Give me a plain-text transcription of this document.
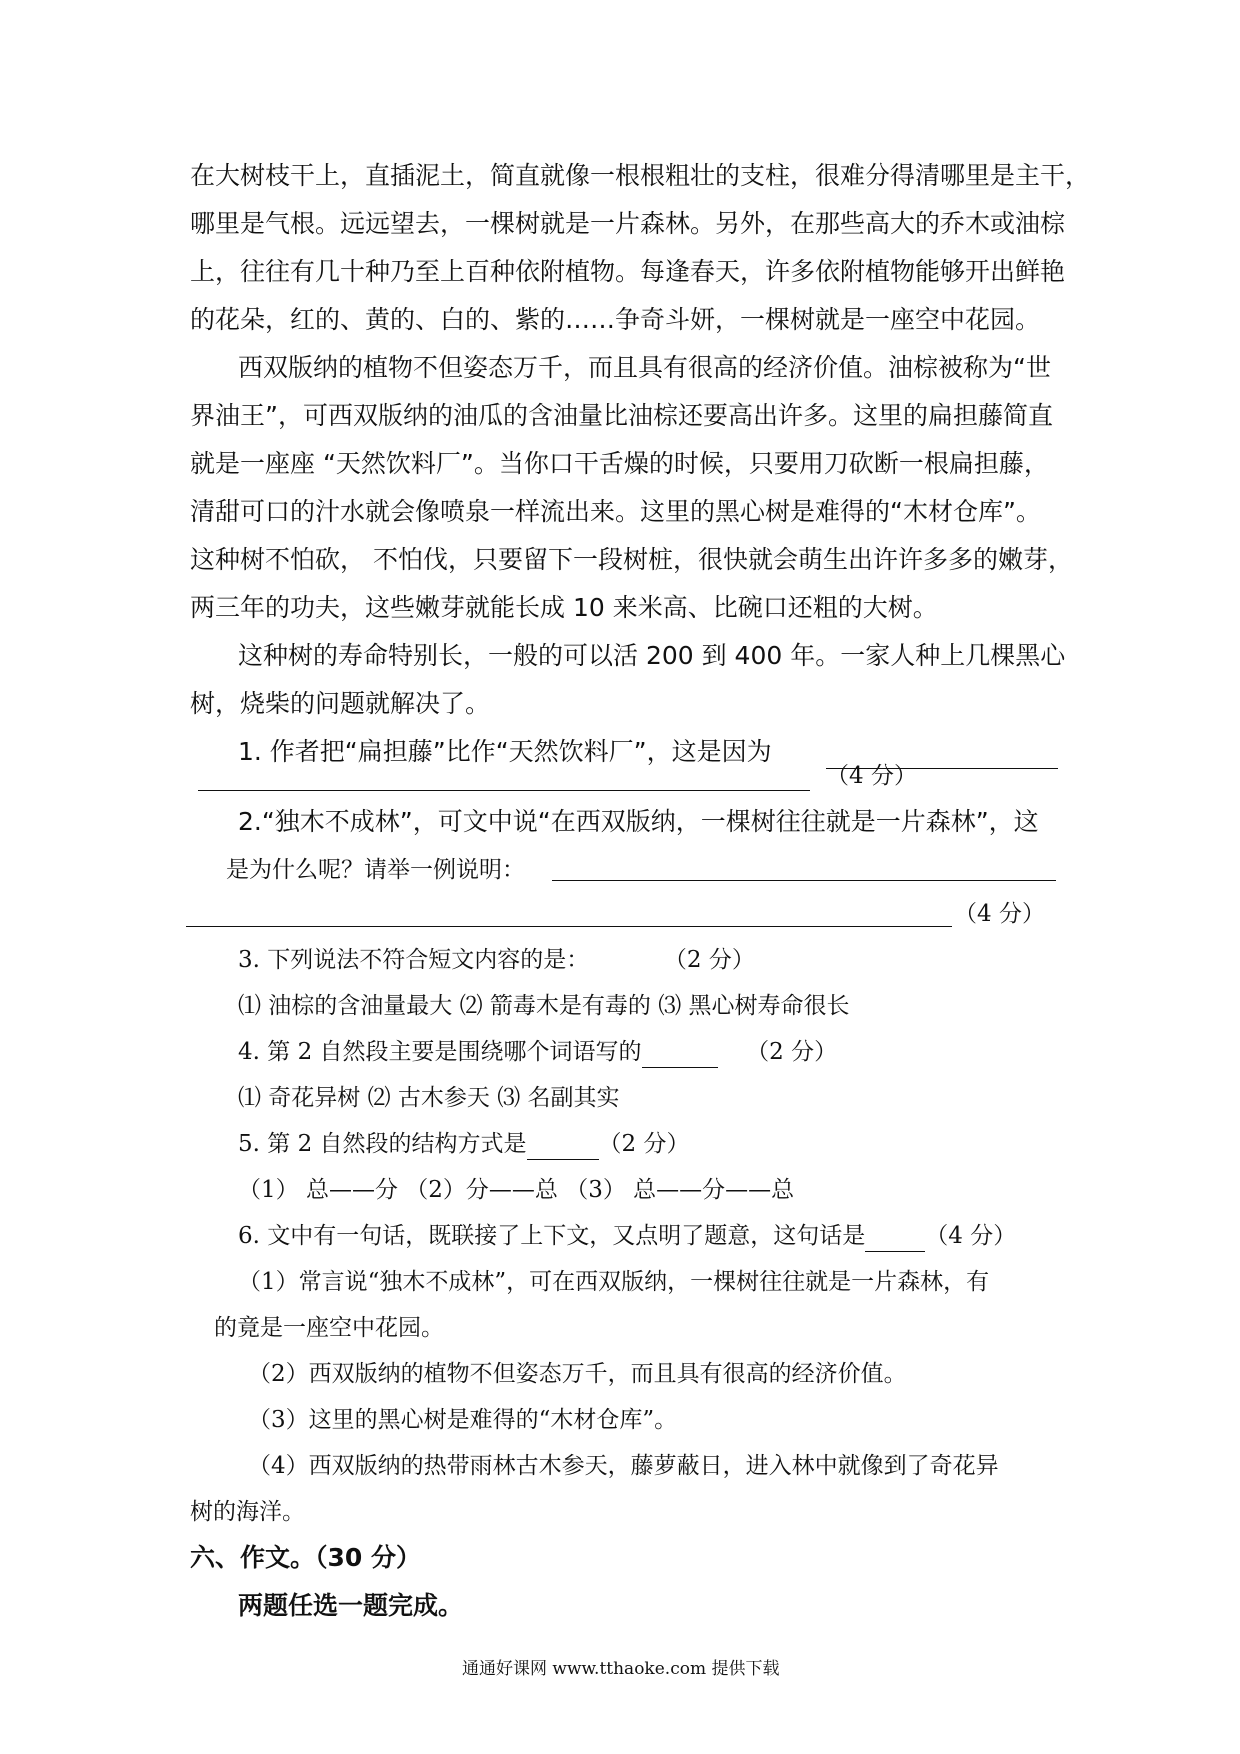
在大树枝干上，直插泥土，简直就像一根根粗壮的支柱，很难分得清哪里是主干，
哪里是气根。远远望去，一棵树就是一片森林。另外，在那些高大的乔木或油棕
上，往往有几十种乃至上百种依附植物。每逢春天，许多依附植物能够开出鲜艳
的花朵，红的、黄的、白的、紫的……争奇斗妍，一棵树就是一座空中花园。
西双版纳的植物不但姿态万千，而且具有很高的经济价值。油棕被称为“世
界油王”，可西双版纳的油瓜的含油量比油棕还要高出许多。这里的扁担藤简直
就是一座座 “天然饮料厂”。当你口干舌燥的时候，只要用刀砍断一根扁担藤，
清甜可口的汁水就会像喷泉一样流出来。这里的黑心树是难得的“木材仓库”。
这种树不怕砍， 不怕伐，只要留下一段树桩，很快就会萌生出许许多多的嫩芽，
两三年的功夫，这些嫩芽就能长成 10 来米高、比碗口还粗的大树。
这种树的寿命特别长，一般的可以活 200 到 400 年。一家人种上几棵黑心
树，烧柴的问题就解决了。
1. 作者把“扁担藤”比作“天然饮料厂”，这是因为
（4 分）
2.“独木不成林”，可文中说“在西双版纳，一棵树往往就是一片森林”，这
是为什么呢？请举一例说明：
（4 分）
3. 下列说法不符合短文内容的是：	（2 分）
⑴ 油棕的含油量最大 ⑵ 箭毒木是有毒的 ⑶ 黑心树寿命很长
4. 第 2 自然段主要是围绕哪个词语写的	（2 分）
⑴ 奇花异树 ⑵ 古木参天 ⑶ 名副其实
5. 第 2 自然段的结构方式是	（2 分）
（1） 总——分 （2）分——总 （3） 总——分——总
6. 文中有一句话，既联接了上下文，又点明了题意，这句话是	（4 分）
（1）常言说“独木不成林”，可在西双版纳，一棵树往往就是一片森林，有
的竟是一座空中花园。
（2）西双版纳的植物不但姿态万千，而且具有很高的经济价值。
（3）这里的黑心树是难得的“木材仓库”。
（4）西双版纳的热带雨林古木参天，藤萝蔽日，进入林中就像到了奇花异
树的海洋。
六、作文。（30 分）
两题任选一题完成。
通通好课网 www.tthaoke.com 提供下载
